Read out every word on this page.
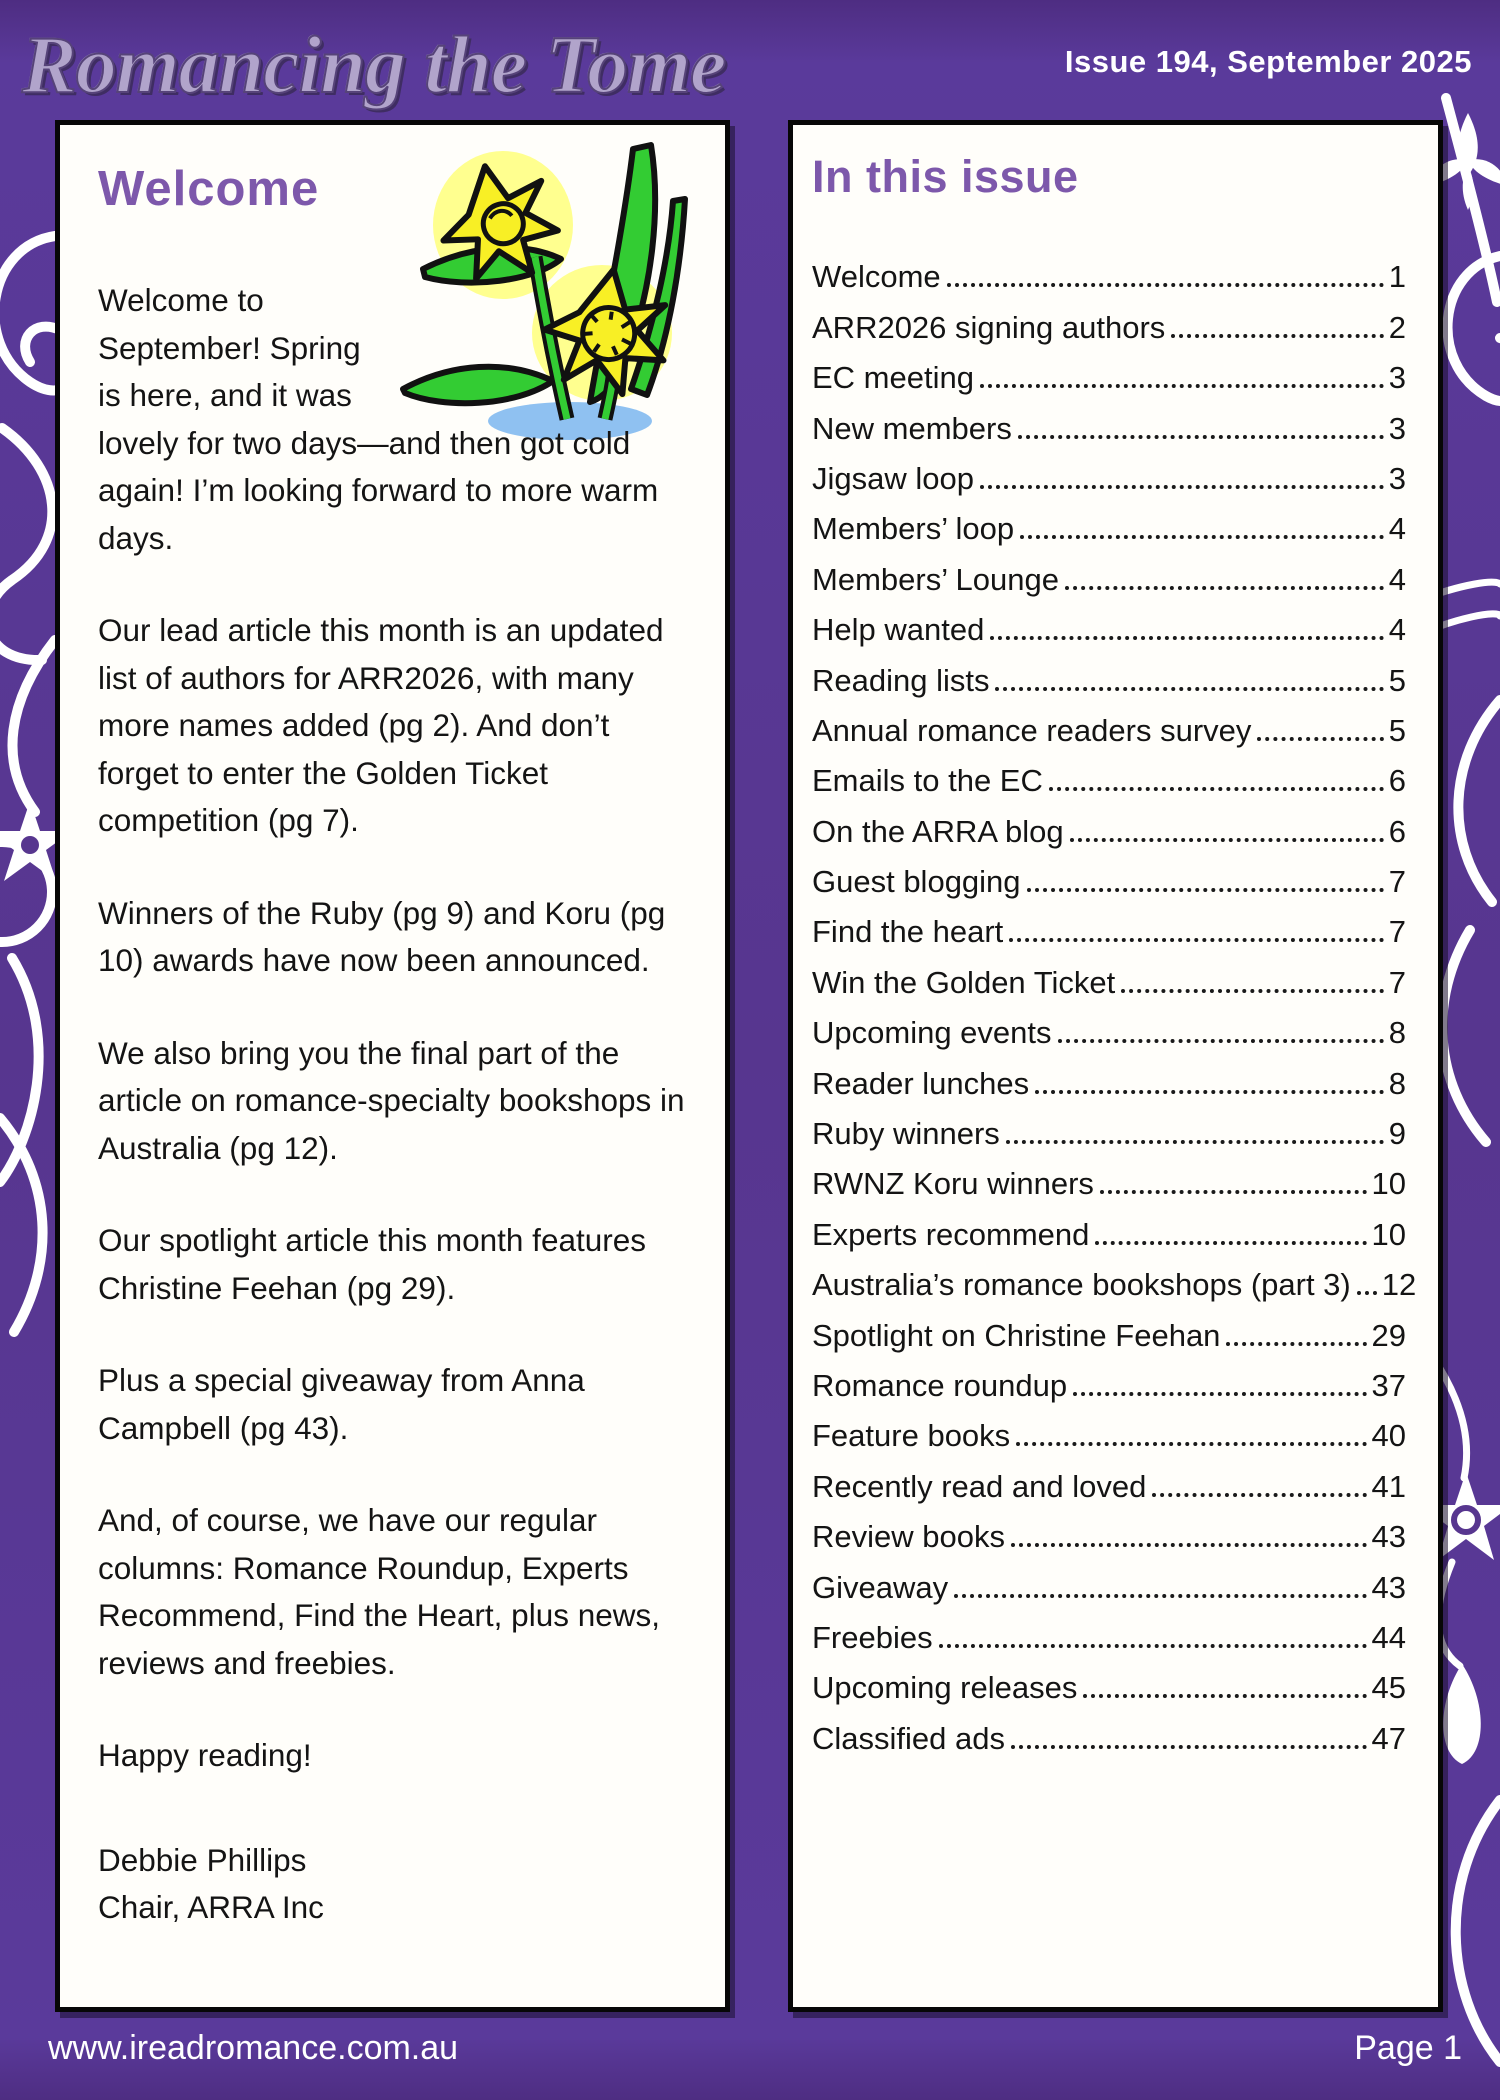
Romancing the Tome	Issue 194, September 2025
Welcome

Welcome to September! Spring is here, and it was lovely for two days—and then got cold again! I’m looking forward to more warm days.

Our lead article this month is an updated list of authors for ARR2026, with many more names added (pg 2). And don’t forget to enter the Golden Ticket competition (pg 7).

Winners of the Ruby (pg 9) and Koru (pg 10) awards have now been announced.

We also bring you the final part of the article on romance-specialty bookshops in Australia (pg 12).

Our spotlight article this month features Christine Feehan (pg 29).

Plus a special giveaway from Anna Campbell (pg 43).

And, of course, we have our regular columns: Romance Roundup, Experts Recommend, Find the Heart, plus news, reviews and freebies.

Happy reading!

Debbie Phillips
Chair, ARRA Inc
In this issue
Welcome	1
ARR2026 signing authors	2
EC meeting	3
New members	3
Jigsaw loop	3
Members’ loop	4
Members’ Lounge	4
Help wanted	4
Reading lists	5
Annual romance readers survey	5
Emails to the EC	6
On the ARRA blog	6
Guest blogging	7
Find the heart	7
Win the Golden Ticket	7
Upcoming events	8
Reader lunches	8
Ruby winners	9
RWNZ Koru winners	10
Experts recommend	10
Australia’s romance bookshops (part 3) 12
Spotlight on Christine Feehan	29
Romance roundup	37
Feature books	40
Recently read and loved	41
Review books	43
Giveaway	43
Freebies	44
Upcoming releases	45
Classified ads	47
www.ireadromance.com.au	Page 1
